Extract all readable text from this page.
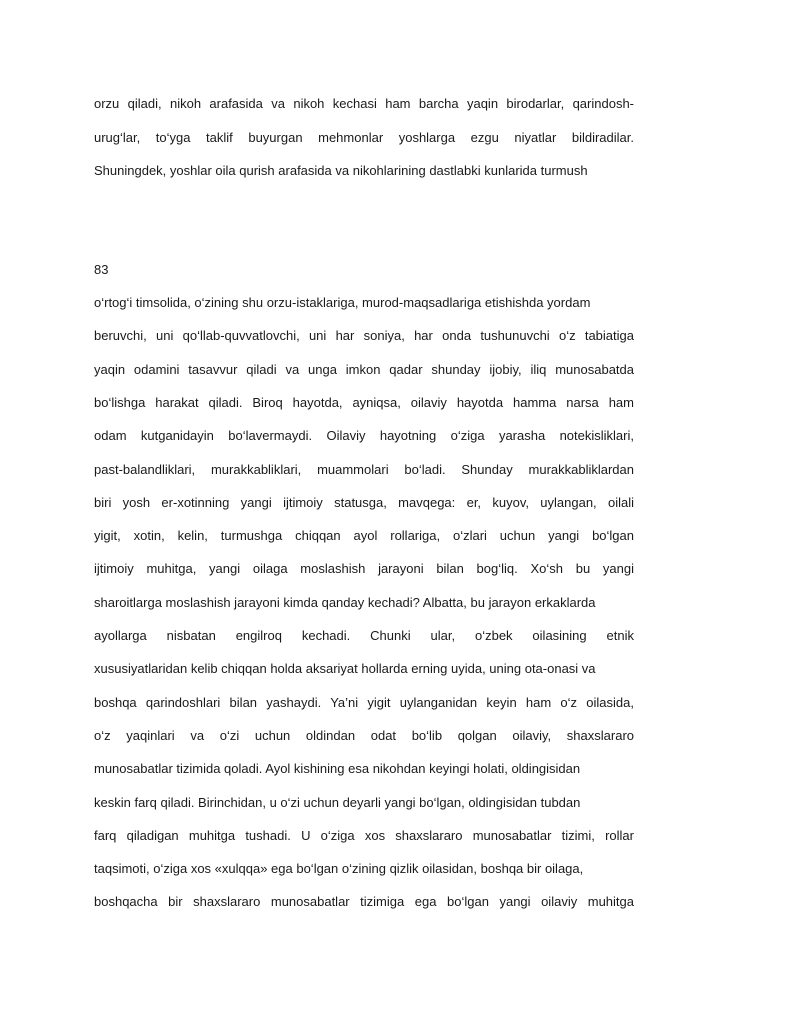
orzu qiladi, nikoh arafasida va nikoh kechasi ham barcha yaqin birodarlar, qarindosh-
urug‘lar, to‘yga taklif buyurgan mehmonlar yoshlarga ezgu niyatlar bildiradilar.
Shuningdek, yoshlar oila qurish arafasida va nikohlarining dastlabki kunlarida turmush
83
o‘rtog‘i timsolida, o‘zining shu orzu-istaklariga, murod-maqsadlariga etishishda yordam
beruvchi, uni qo‘llab-quvvatlovchi, uni har soniya, har onda tushunuvchi o‘z tabiatiga
yaqin odamini tasavvur qiladi va unga imkon qadar shunday ijobiy, iliq munosabatda
bo‘lishga harakat qiladi. Biroq hayotda, ayniqsa, oilaviy hayotda hamma narsa ham
odam kutganidayin bo‘lavermaydi. Oilaviy hayotning o‘ziga yarasha notekisliklari,
past-balandliklari, murakkabliklari, muammolari bo‘ladi. Shunday murakkabliklardan
biri yosh er-xotinning yangi ijtimoiy statusga, mavqega: er, kuyov, uylangan, oilali
yigit, xotin, kelin, turmushga chiqqan ayol rollariga, o‘zlari uchun yangi bo‘lgan
ijtimoiy muhitga, yangi oilaga moslashish jarayoni bilan bog‘liq. Xo‘sh bu yangi
sharoitlarga moslashish jarayoni kimda qanday kechadi? Albatta, bu jarayon erkaklarda
ayollarga nisbatan engilroq kechadi. Chunki ular, o‘zbek oilasining etnik
xususiyatlaridan kelib chiqqan holda aksariyat hollarda erning uyida, uning ota-onasi va
boshqa qarindoshlari bilan yashaydi. Ya’ni yigit uylanganidan keyin ham o‘z oilasida,
o‘z yaqinlari va o‘zi uchun oldindan odat bo‘lib qolgan oilaviy, shaxslararo
munosabatlar tizimida qoladi. Ayol kishining esa nikohdan keyingi holati, oldingisidan
keskin farq qiladi. Birinchidan, u o‘zi uchun deyarli yangi bo‘lgan, oldingisidan tubdan
farq qiladigan muhitga tushadi. U o‘ziga xos shaxslararo munosabatlar tizimi, rollar
taqsimoti, o‘ziga xos «xulqqa» ega bo‘lgan o‘zining qizlik oilasidan, boshqa bir oilaga,
boshqacha bir shaxslararo munosabatlar tizimiga ega bo‘lgan yangi oilaviy muhitga
